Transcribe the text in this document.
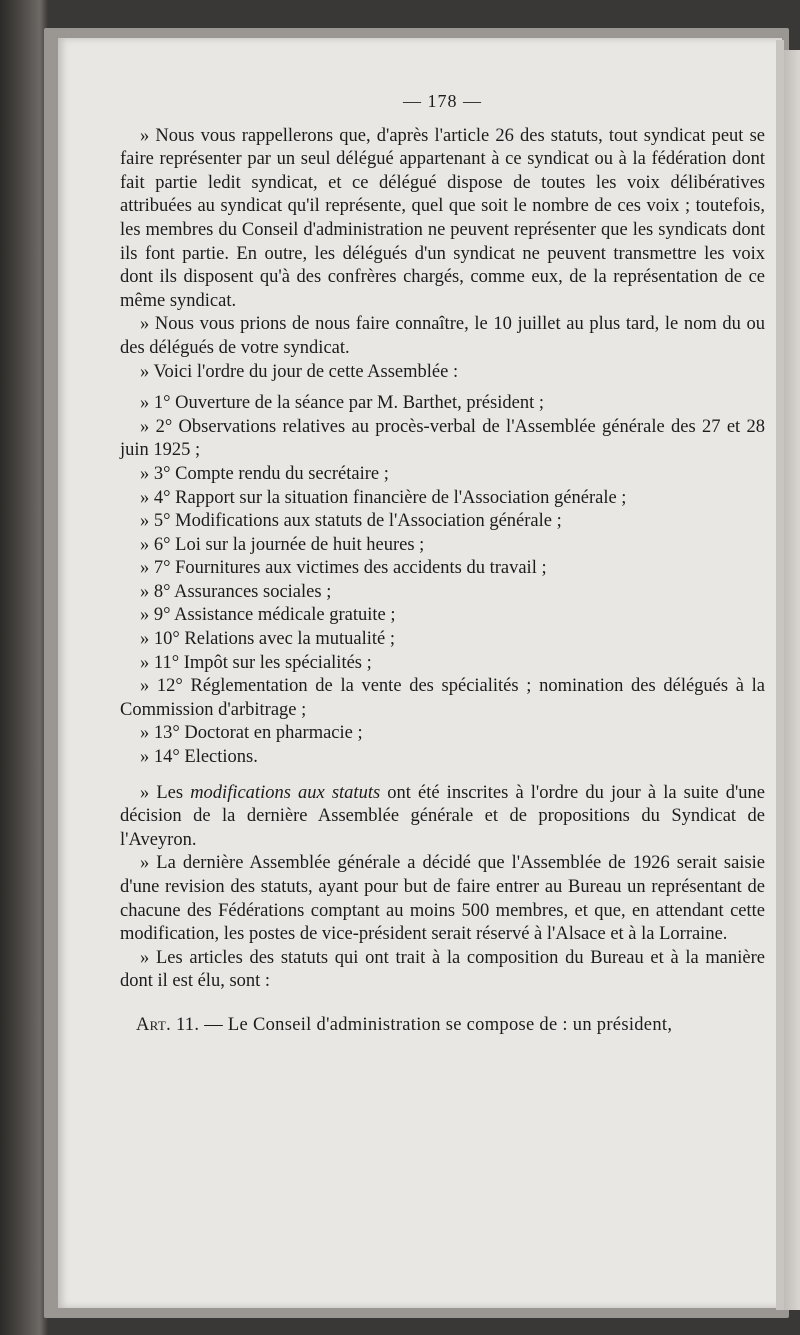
— 178 —

» Nous vous rappellerons que, d'après l'article 26 des statuts, tout syndicat peut se faire représenter par un seul délégué appartenant à ce syndicat ou à la fédération dont fait partie ledit syndicat, et ce délégué dispose de toutes les voix délibératives attribuées au syndicat qu'il représente, quel que soit le nombre de ces voix ; toutefois, les membres du Conseil d'administration ne peuvent représenter que les syndicats dont ils font partie. En outre, les délégués d'un syndicat ne peuvent transmettre les voix dont ils disposent qu'à des confrères chargés, comme eux, de la représentation de ce même syndicat.

» Nous vous prions de nous faire connaître, le 10 juillet au plus tard, le nom du ou des délégués de votre syndicat.

» Voici l'ordre du jour de cette Assemblée :

» 1° Ouverture de la séance par M. Barthet, président ;
» 2° Observations relatives au procès-verbal de l'Assemblée générale des 27 et 28 juin 1925 ;
» 3° Compte rendu du secrétaire ;
» 4° Rapport sur la situation financière de l'Association générale ;
» 5° Modifications aux statuts de l'Association générale ;
» 6° Loi sur la journée de huit heures ;
» 7° Fournitures aux victimes des accidents du travail ;
» 8° Assurances sociales ;
» 9° Assistance médicale gratuite ;
» 10° Relations avec la mutualité ;
» 11° Impôt sur les spécialités ;
» 12° Réglementation de la vente des spécialités ; nomination des délégués à la Commission d'arbitrage ;
» 13° Doctorat en pharmacie ;
» 14° Elections.

» Les modifications aux statuts ont été inscrites à l'ordre du jour à la suite d'une décision de la dernière Assemblée générale et de propositions du Syndicat de l'Aveyron.

» La dernière Assemblée générale a décidé que l'Assemblée de 1926 serait saisie d'une revision des statuts, ayant pour but de faire entrer au Bureau un représentant de chacune des Fédérations comptant au moins 500 membres, et que, en attendant cette modification, les postes de vice-président serait réservé à l'Alsace et à la Lorraine.

» Les articles des statuts qui ont trait à la composition du Bureau et à la manière dont il est élu, sont :

Art. 11. — Le Conseil d'administration se compose de : un président,
